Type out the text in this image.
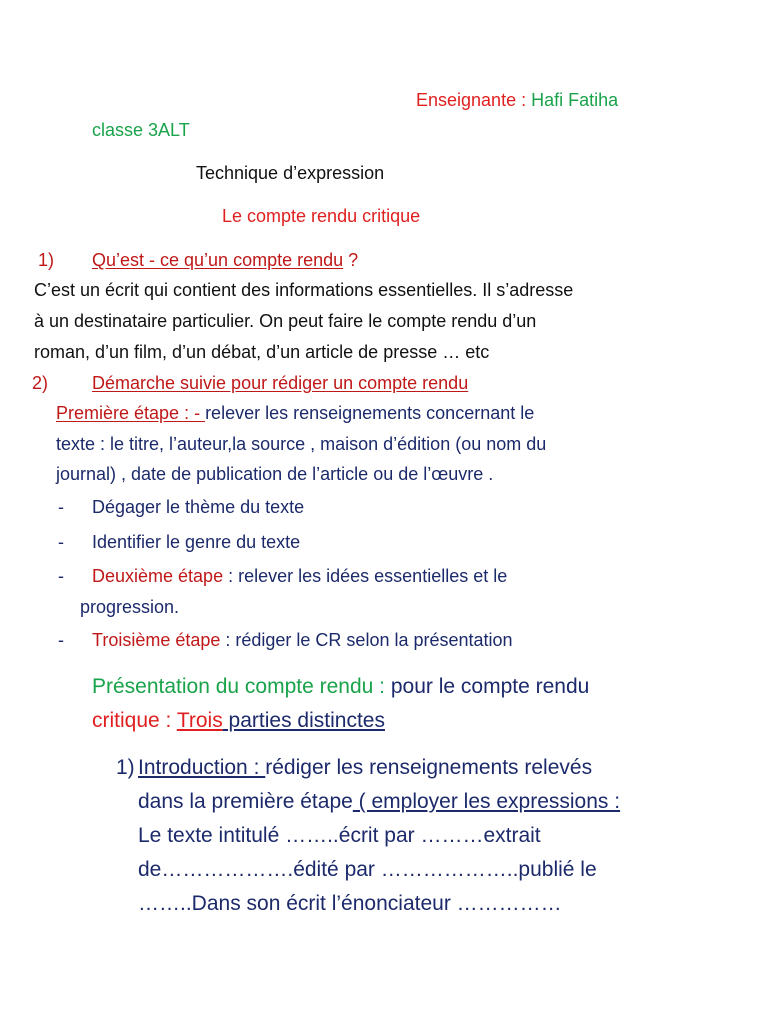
Enseignante : Hafi Fatiha
classe 3ALT
Technique d’expression
Le compte rendu critique
1) Qu’est - ce qu’un compte rendu ?
C’est un écrit qui contient des informations essentielles. Il s’adresse
à un destinataire particulier. On peut faire le compte rendu d’un
roman, d’un film, d’un débat, d’un article de presse … etc
2) Démarche suivie pour rédiger un compte rendu
Première étape : - relever les renseignements concernant le
texte : le titre, l’auteur,la source , maison d’édition (ou nom du
journal) , date de publication de l’article ou de l’œuvre .
- Dégager le thème du texte
- Identifier le genre du texte
- Deuxième étape : relever les idées essentielles et le
progression.
- Troisième étape : rédiger le CR selon la présentation
Présentation du compte rendu : pour le compte rendu
critique : Trois parties distinctes
1) Introduction : rédiger les renseignements relevés
dans la première étape ( employer les expressions :
Le texte intitulé ……..écrit par ………extrait
de……………….édité par ………………..publié le
……..Dans son écrit l’énonciateur ……………
